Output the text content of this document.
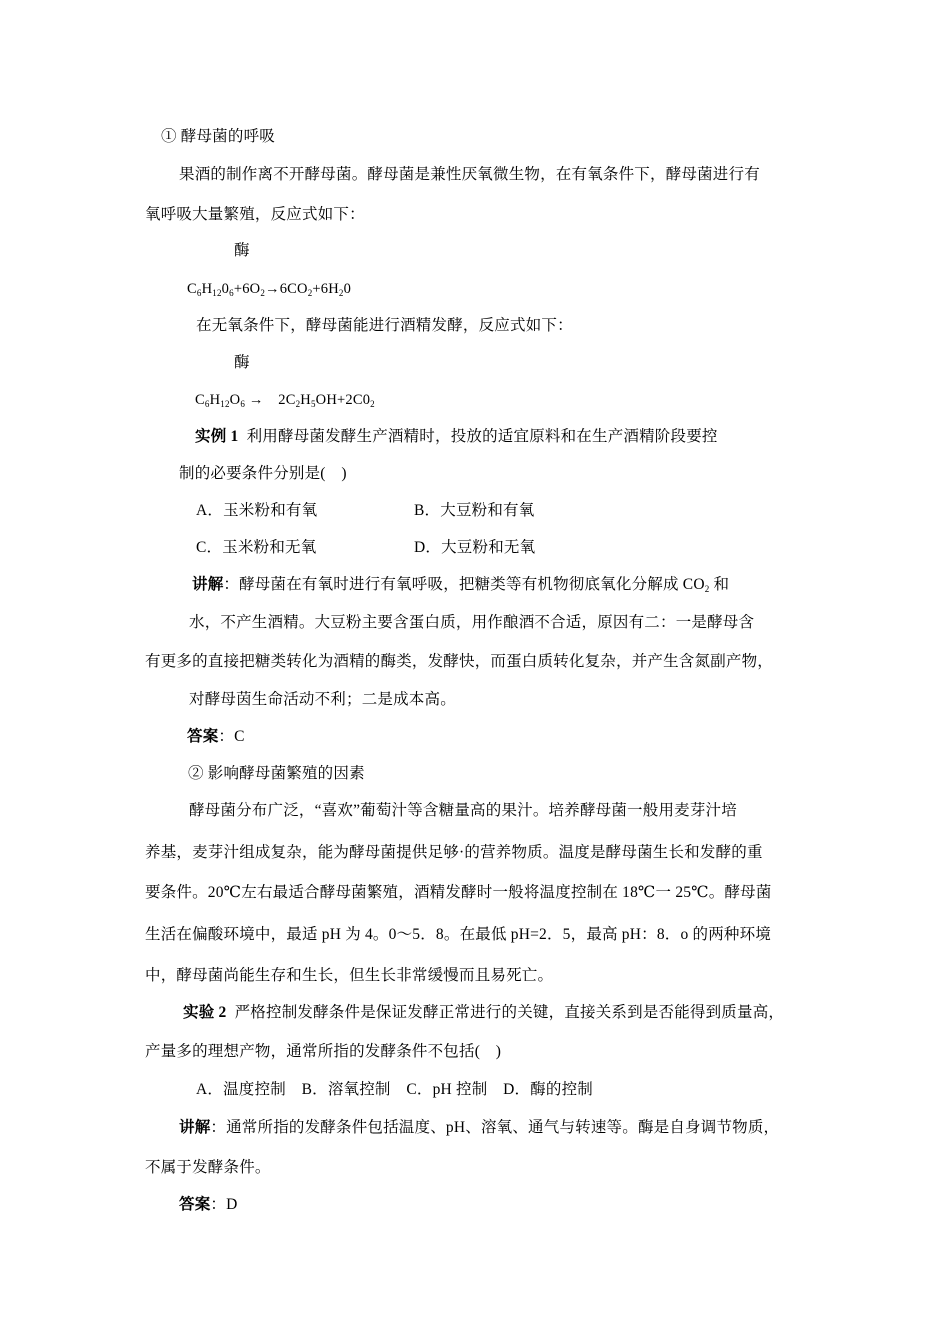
① 酵母菌的呼吸
果酒的制作离不开酵母菌。酵母菌是兼性厌氧微生物，在有氧条件下，酵母菌进行有
氧呼吸大量繁殖，反应式如下：
酶
$C_6H_{12}0_6+6O_2\to 6CO_2+6H_20$
在无氧条件下，酵母菌能进行酒精发酵，反应式如下：
酶
$C_6H_{12}O_6$ →　$2C_2H_5OH+2C0_2$
实例 1 利用酵母菌发酵生产酒精时，投放的适宜原料和在生产酒精阶段要控
制的必要条件分别是(　)
A．玉米粉和有氧	B．大豆粉和有氧
C．玉米粉和无氧	D．大豆粉和无氧
讲解：酵母菌在有氧时进行有氧呼吸，把糖类等有机物彻底氧化分解成 $CO_2$ 和
水，不产生酒精。大豆粉主要含蛋白质，用作酿酒不合适，原因有二：一是酵母含
有更多的直接把糖类转化为酒精的酶类，发酵快，而蛋白质转化复杂，并产生含氮副产物，
对酵母茵生命活动不利；二是成本高。
答案：C
② 影响酵母菌繁殖的因素
酵母菌分布广泛，“喜欢”葡萄汁等含糖量高的果汁。培养酵母菌一般用麦芽汁培
养基，麦芽汁组成复杂，能为酵母菌提供足够·的营养物质。温度是酵母菌生长和发酵的重
要条件。20℃左右最适合酵母菌繁殖，酒精发酵时一般将温度控制在 18℃一 25℃。酵母菌
生活在偏酸环境中，最适 pH 为 4。0～5．8。在最低 pH=2．5，最高 pH：8．o 的两种环境
中，酵母菌尚能生存和生长，但生长非常缓慢而且易死亡。
实验 2 严格控制发酵条件是保证发酵正常进行的关键，直接关系到是否能得到质量高，
产量多的理想产物，通常所指的发酵条件不包括(　)
A．温度控制　B．溶氧控制　C．pH 控制　D．酶的控制
讲解：通常所指的发酵条件包括温度、pH、溶氧、通气与转速等。酶是自身调节物质，
不属于发酵条件。
答案：D
